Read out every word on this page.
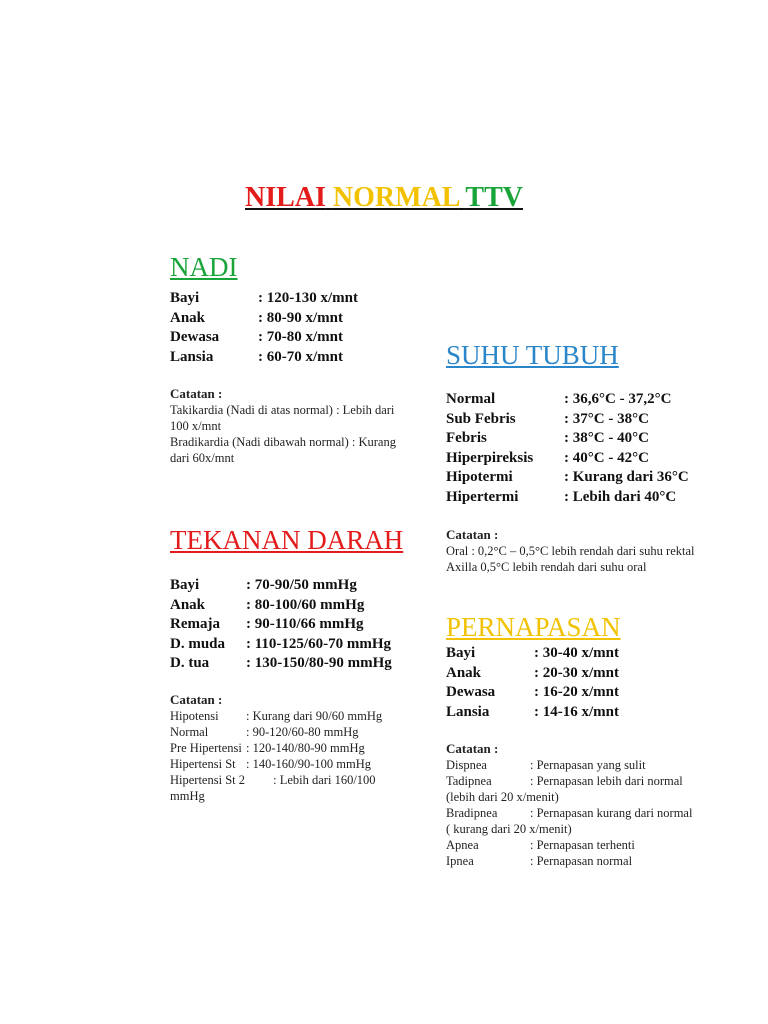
NILAI NORMAL TTV
NADI
Bayi	: 120-130 x/mnt
Anak	: 80-90 x/mnt
Dewasa	: 70-80 x/mnt
Lansia	: 60-70 x/mnt
Catatan :
Takikardia (Nadi di atas normal) : Lebih dari 100 x/mnt
Bradikardia (Nadi dibawah normal) : Kurang dari 60x/mnt
TEKANAN DARAH
Bayi	: 70-90/50 mmHg
Anak	: 80-100/60 mmHg
Remaja	: 90-110/66 mmHg
D. muda	: 110-125/60-70 mmHg
D. tua	: 130-150/80-90 mmHg
Catatan :
Hipotensi	: Kurang dari 90/60 mmHg
Normal	: 90-120/60-80 mmHg
Pre Hipertensi : 120-140/80-90 mmHg
Hipertensi St : 140-160/90-100 mmHg
Hipertensi St 2         : Lebih dari 160/100 mmHg
SUHU TUBUH
Normal	: 36,6°C - 37,2°C
Sub Febris	: 37°C - 38°C
Febris	: 38°C - 40°C
Hiperpireksis	: 40°C - 42°C
Hipotermi	: Kurang dari 36°C
Hipertermi	: Lebih dari 40°C
Catatan :
Oral : 0,2°C – 0,5°C lebih rendah dari suhu rektal
Axilla 0,5°C lebih rendah dari suhu oral
PERNAPASAN
Bayi	: 30-40 x/mnt
Anak	: 20-30 x/mnt
Dewasa	: 16-20 x/mnt
Lansia	: 14-16 x/mnt
Catatan :
Dispnea	: Pernapasan yang sulit
Tadipnea	: Pernapasan lebih dari normal (lebih dari 20 x/menit)
Bradipnea	: Pernapasan kurang dari normal ( kurang dari 20 x/menit)
Apnea	: Pernapasan terhenti
Ipnea	: Pernapasan normal
